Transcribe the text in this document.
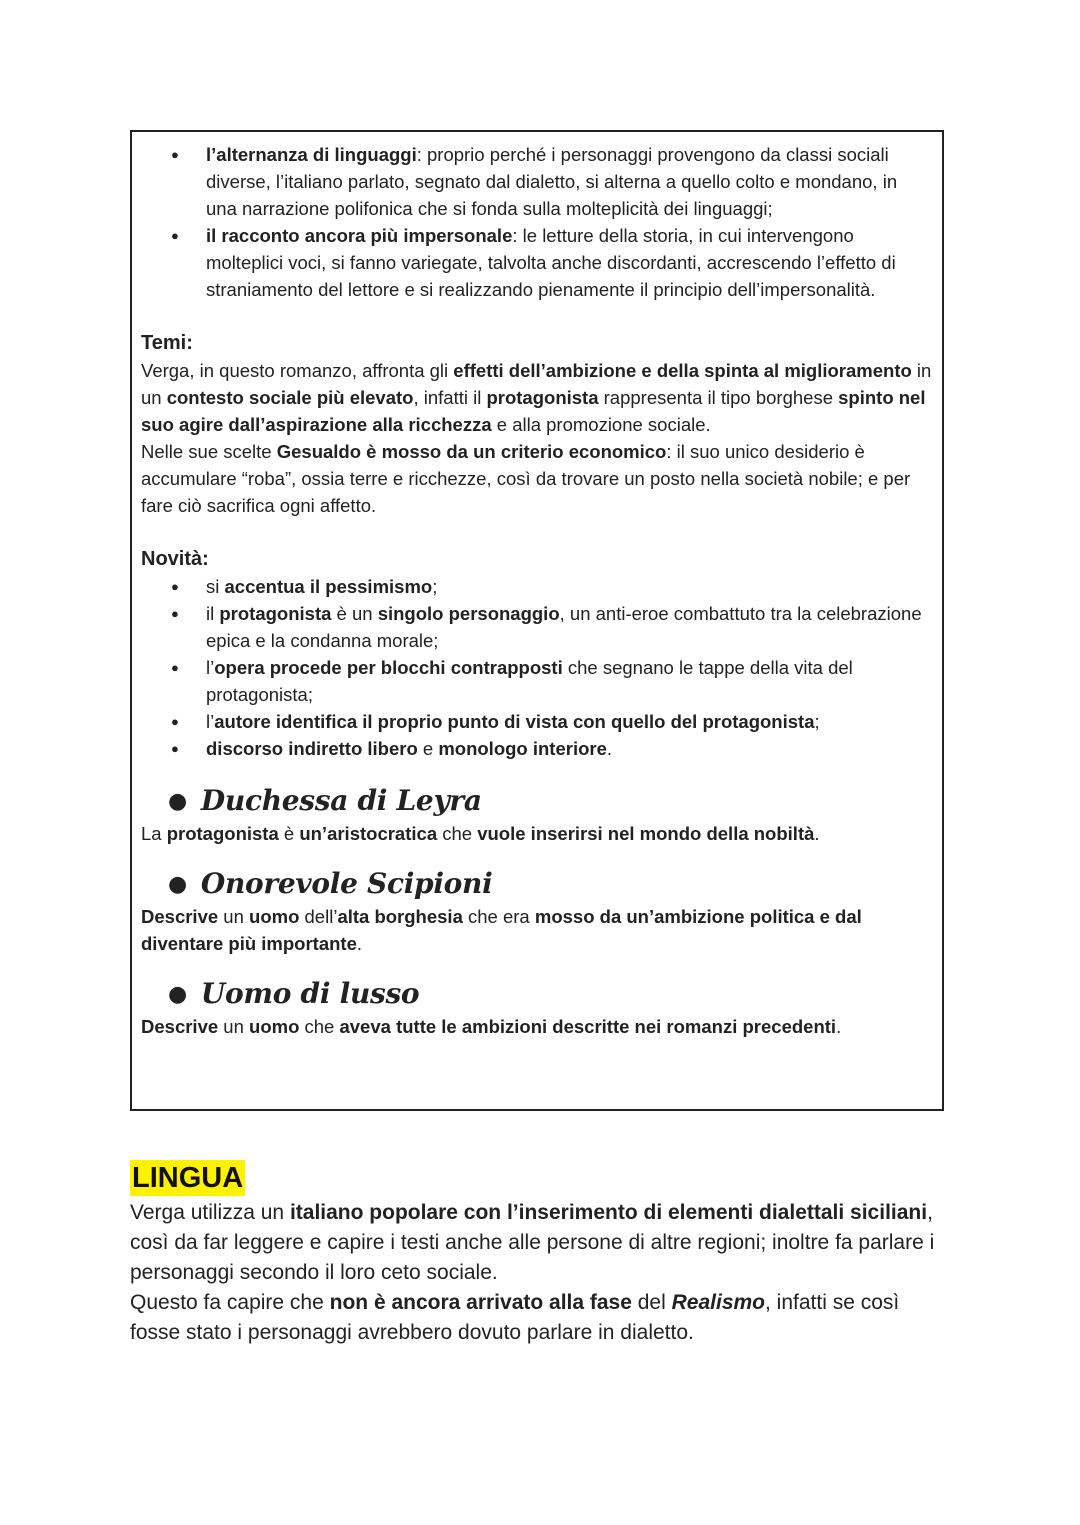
● l’alternanza di linguaggi: proprio perché i personaggi provengono da classi sociali diverse, l’italiano parlato, segnato dal dialetto, si alterna a quello colto e mondano, in una narrazione polifonica che si fonda sulla molteplicità dei linguaggi;
● il racconto ancora più impersonale: le letture della storia, in cui intervengono molteplici voci, si fanno variegate, talvolta anche discordanti, accrescendo l’effetto di straniamento del lettore e si realizzando pienamente il principio dell’impersonalità.

Temi:

Verga, in questo romanzo, affronta gli effetti dell’ambizione e della spinta al miglioramento in un contesto sociale più elevato, infatti il protagonista rappresenta il tipo borghese spinto nel suo agire dall’aspirazione alla ricchezza e alla promozione sociale.

Nelle sue scelte Gesualdo è mosso da un criterio economico: il suo unico desiderio è accumulare “roba”, ossia terre e ricchezze, così da trovare un posto nella società nobile; e per fare ciò sacrifica ogni affetto.

Novità:

● si accentua il pessimismo;
● il protagonista è un singolo personaggio, un anti-eroe combattuto tra la celebrazione epica e la condanna morale;
● l’opera procede per blocchi contrapposti che segnano le tappe della vita del protagonista;
● l’autore identifica il proprio punto di vista con quello del protagonista;
● discorso indiretto libero e monologo interiore.

● Duchessa di Leyra

La protagonista è un’aristocratica che vuole inserirsi nel mondo della nobiltà.

● Onorevole Scipioni

Descrive un uomo dell’alta borghesia che era mosso da un’ambizione politica e dal diventare più importante.

● Uomo di lusso

Descrive un uomo che aveva tutte le ambizioni descritte nei romanzi precedenti.

LINGUA

Verga utilizza un italiano popolare con l’inserimento di elementi dialettali siciliani, così da far leggere e capire i testi anche alle persone di altre regioni; inoltre fa parlare i personaggi secondo il loro ceto sociale.

Questo fa capire che non è ancora arrivato alla fase del Realismo, infatti se così fosse stato i personaggi avrebbero dovuto parlare in dialetto.
